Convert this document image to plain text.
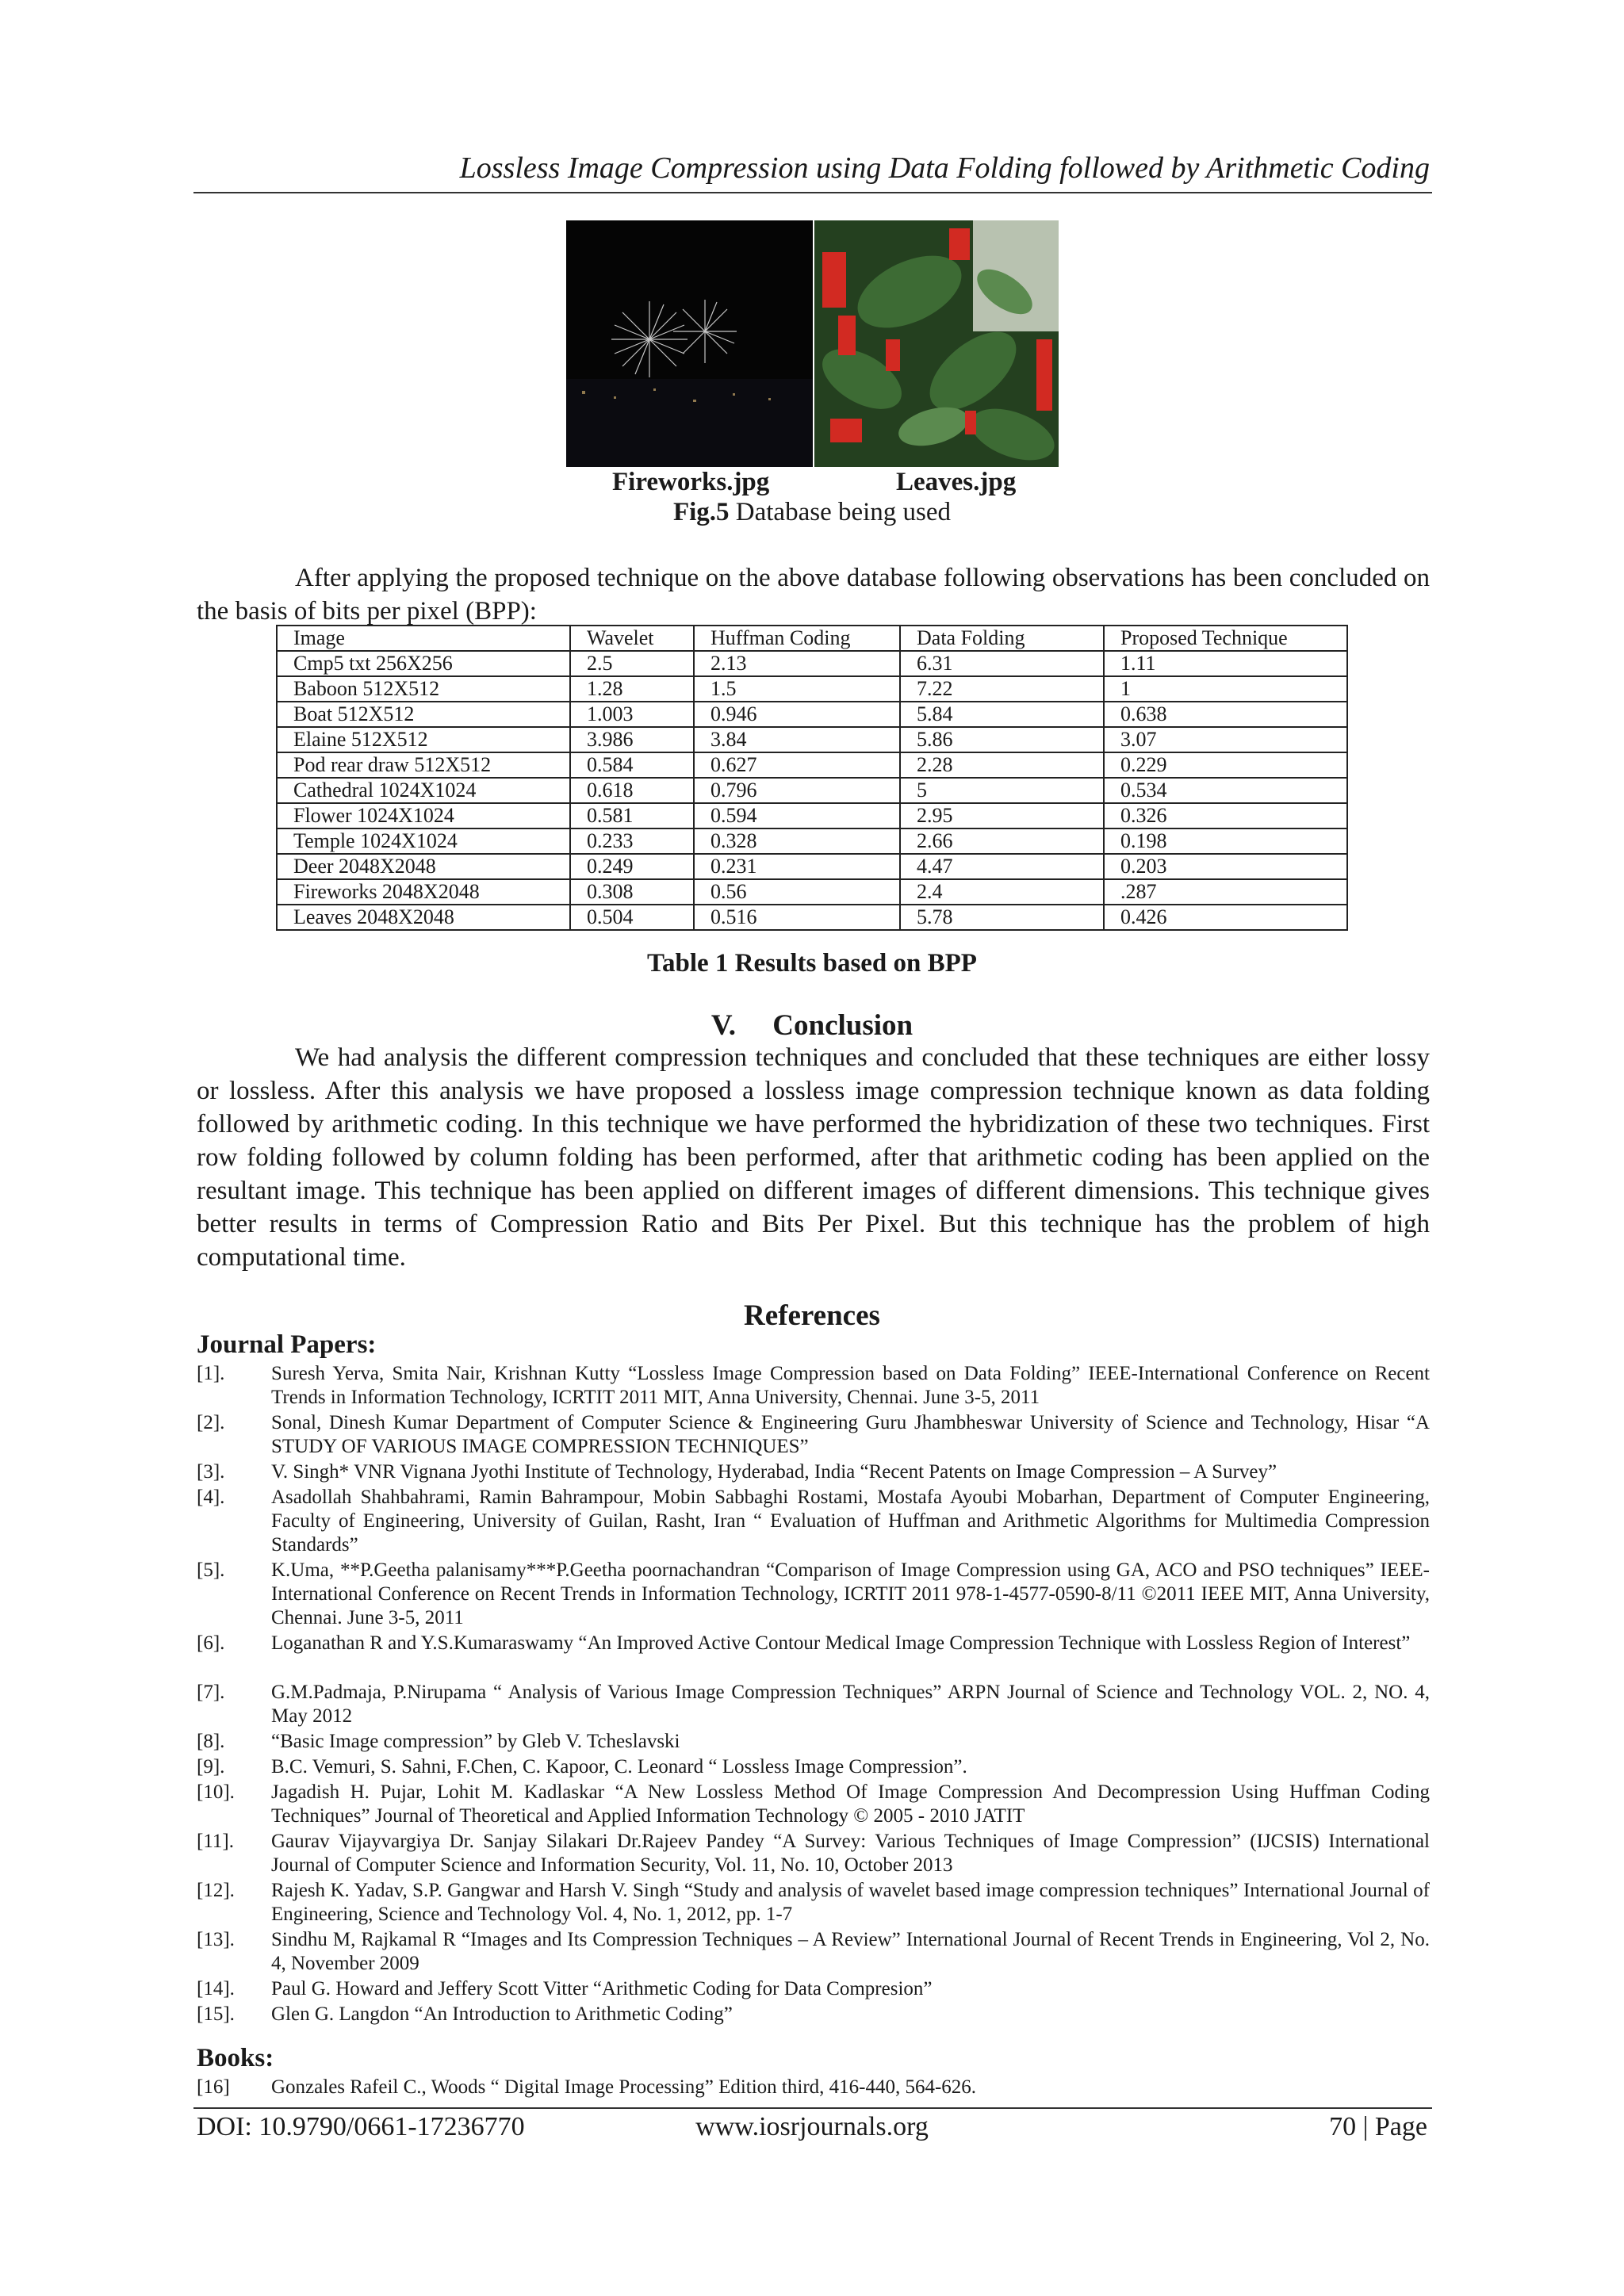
Lossless Image Compression using Data Folding followed by Arithmetic Coding
Fireworks.jpg	Leaves.jpg
Fig.5 Database being used
After applying the proposed technique on the above database following observations has been concluded on the basis of bits per pixel (BPP):
Image	Wavelet	Huffman Coding	Data Folding	Proposed Technique
Cmp5 txt 256X256	2.5	2.13	6.31	1.11
Baboon 512X512	1.28	1.5	7.22	1
Boat 512X512	1.003	0.946	5.84	0.638
Elaine 512X512	3.986	3.84	5.86	3.07
Pod rear draw 512X512	0.584	0.627	2.28	0.229
Cathedral 1024X1024	0.618	0.796	5	0.534
Flower 1024X1024	0.581	0.594	2.95	0.326
Temple 1024X1024	0.233	0.328	2.66	0.198
Deer 2048X2048	0.249	0.231	4.47	0.203
Fireworks 2048X2048	0.308	0.56	2.4	.287
Leaves 2048X2048	0.504	0.516	5.78	0.426
Table 1 Results based on BPP
V.     Conclusion
We had analysis the different compression techniques and concluded that these techniques are either lossy or lossless. After this analysis we have proposed a lossless image compression technique known as data folding followed by arithmetic coding. In this technique we have performed the hybridization of these two techniques. First row folding followed by column folding has been performed, after that arithmetic coding has been applied on the resultant image. This technique has been applied on different images of different dimensions. This technique gives better results in terms of Compression Ratio and Bits Per Pixel. But this technique has the problem of high computational time.
References
Journal Papers:
[1]. Suresh Yerva, Smita Nair, Krishnan Kutty “Lossless Image Compression based on Data Folding” IEEE-International Conference on Recent Trends in Information Technology, ICRTIT 2011 MIT, Anna University, Chennai. June 3-5, 2011
[2]. Sonal, Dinesh Kumar Department of Computer Science & Engineering Guru Jhambheswar University of Science and Technology, Hisar “A STUDY OF VARIOUS IMAGE COMPRESSION TECHNIQUES”
[3]. V. Singh* VNR Vignana Jyothi Institute of Technology, Hyderabad, India “Recent Patents on Image Compression – A Survey”
[4]. Asadollah Shahbahrami, Ramin Bahrampour, Mobin Sabbaghi Rostami, Mostafa Ayoubi Mobarhan, Department of Computer Engineering, Faculty of Engineering, University of Guilan, Rasht, Iran “ Evaluation of Huffman and Arithmetic Algorithms for Multimedia Compression Standards”
[5]. K.Uma, **P.Geetha palanisamy***P.Geetha poornachandran “Comparison of Image Compression using GA, ACO and PSO techniques” IEEE-International Conference on Recent Trends in Information Technology, ICRTIT 2011 978-1-4577-0590-8/11 ©2011 IEEE MIT, Anna University, Chennai. June 3-5, 2011
[6]. Loganathan R and Y.S.Kumaraswamy “An Improved Active Contour Medical Image Compression Technique with Lossless Region of Interest”
[7]. G.M.Padmaja, P.Nirupama “ Analysis of Various Image Compression Techniques” ARPN Journal of Science and Technology VOL. 2, NO. 4, May 2012
[8]. “Basic Image compression” by Gleb V. Tcheslavski
[9]. B.C. Vemuri, S. Sahni, F.Chen, C. Kapoor, C. Leonard “ Lossless Image Compression”.
[10]. Jagadish H. Pujar, Lohit M. Kadlaskar “A New Lossless Method Of Image Compression And Decompression Using Huffman Coding Techniques” Journal of Theoretical and Applied Information Technology © 2005 - 2010 JATIT
[11]. Gaurav Vijayvargiya Dr. Sanjay Silakari Dr.Rajeev Pandey “A Survey: Various Techniques of Image Compression” (IJCSIS) International Journal of Computer Science and Information Security, Vol. 11, No. 10, October 2013
[12]. Rajesh K. Yadav, S.P. Gangwar and Harsh V. Singh “Study and analysis of wavelet based image compression techniques” International Journal of Engineering, Science and Technology Vol. 4, No. 1, 2012, pp. 1-7
[13]. Sindhu M, Rajkamal R “Images and Its Compression Techniques – A Review” International Journal of Recent Trends in Engineering, Vol 2, No. 4, November 2009
[14]. Paul G. Howard and Jeffery Scott Vitter “Arithmetic Coding for Data Compresion”
[15]. Glen G. Langdon “An Introduction to Arithmetic Coding”
Books:
[16] Gonzales Rafeil C., Woods “ Digital Image Processing” Edition third, 416-440, 564-626.
DOI: 10.9790/0661-17236770	www.iosrjournals.org	70 | Page
